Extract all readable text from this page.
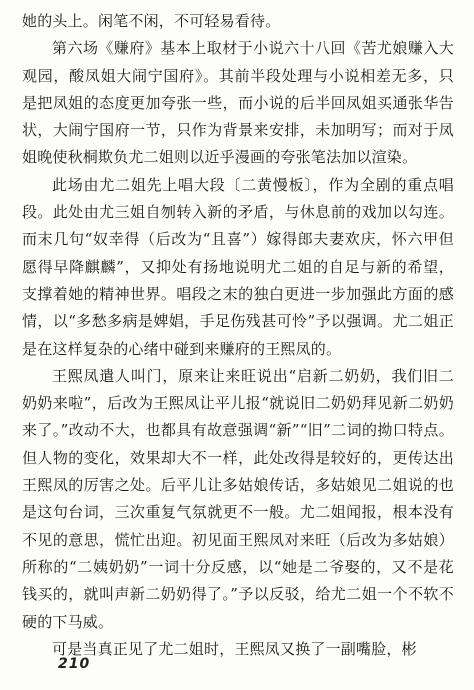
她的头上。闲笔不闲，不可轻易看待。

第六场《赚府》基本上取材于小说六十八回《苦尤娘赚入大观园，酸凤姐大闹宁国府》。其前半段处理与小说相差无多，只是把凤姐的态度更加夸张一些，而小说的后半回凤姐买通张华告状，大闹宁国府一节，只作为背景来安排，未加明写；而对于凤姐晚使秋桐欺负尤二姐则以近乎漫画的夸张笔法加以渲染。

此场由尤二姐先上唱大段〔二黄慢板〕，作为全剧的重点唱段。此处由尤三姐自刎转入新的矛盾，与休息前的戏加以勾连。而末几句“奴幸得（后改为“且喜”）嫁得郎夫妻欢庆，怀六甲但愿得早降麒麟”，又抑处有扬地说明尤二姐的自足与新的希望，支撑着她的精神世界。唱段之末的独白更进一步加强此方面的感情，以“多愁多病是婢娼，手足伤残甚可怜”予以强调。尤二姐正是在这样复杂的心绪中碰到来赚府的王熙凤的。

王熙凤遣人叫门，原来让来旺说出“启新二奶奶，我们旧二奶奶来啦”，后改为王熙凤让平儿报“就说旧二奶奶拜见新二奶奶来了。”改动不大，也都具有故意强调“新”“旧”二词的拗口特点。但人物的变化，效果却大不一样，此处改得是较好的，更传达出王熙凤的厉害之处。后平儿让多姑娘传话，多姑娘见二姐说的也是这句台词，三次重复气氛就更不一般。尤二姐闻报，根本没有不见的意思，慌忙出迎。初见面王熙凤对来旺（后改为多姑娘）所称的“二姨奶奶”一词十分反感，以“她是二爷娶的，又不是花钱买的，就叫声新二奶奶得了。”予以反驳，给尤二姐一个不软不硬的下马威。

可是当真正见了尤二姐时，王熙凤又换了一副嘴脸，彬

210
